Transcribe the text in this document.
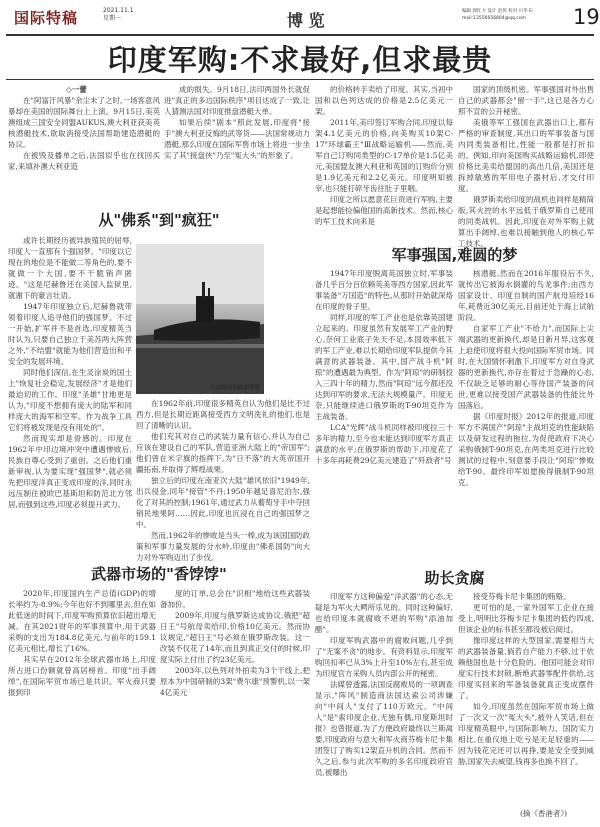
国际特稿	2021.11.1
星期一	博 览	编辑 郭红力 设计 赵伟 校对 川华 E-mail:13556656804@qq.com	19
印度军购:不求最好,但求最贵
◇一蕾

在"阿富汗风暴"余尘未了之时,一场客意风暴却在美国的国际舞台上上演。9月15日,美英澳组成三国安全同盟AUKUS,澳大利亚获美英核潜艇技术,欲取消接受法国帮助建造潜艇的协议。

在被毁及播单之后,法国似乎也在找回买家,来填补澳大利亚造

成的损失。9月18日,法印两国外长就促进"真正的多边国际秩序"项目达成了一致,让人猜测法国对印度推盘潜艇大单。

如果后续"剧本"照此发展,印度将"接手"澳大利亚反悔的武等货——法国常规动力潜艇,那么印度在国际军售市场上将进一步坐实了其"接盘侠"乃至"冤大头"的形象了。

从"佛系"到"疯狂"

或许长期经历被异族殖民的屈辱,印度人一直那有个强国梦。"印度以它现在的地位是不能做二等角色的,要不就做一个大国,要不干脆销声匿迹。"这是尼赫鲁还在美国入监狱里,就谢下的豪言壮语。

1947年印度独立后,尼赫鲁就带领着印度人追寻他们的强国梦。不过一开始,扩军并不是首选,印度精英当时认为,只要自己独立于美苏两大阵营之外,"不结盟"就能为他们营造出和平安全的发展环境。

同时他们深信,在生灵涂炭的国土上"恢复社会稳定,发展经济"才是他们最迫切的工作。印度"圣雄"甘地更是认为,"印度不想拥有庞大的陆军和同样庞大的海军和空军。作为战争工具它们将被发现是没有用处的"。

然而现实却是骨感的。印度在1962年中印边境冲突中遭遇惨败后,民族自尊心受到了重创。之后他们重新审视,认为要实现"强国梦",就必须先把印度洋真正变成印度的洋,同时永远压制住被欧巴基斯坦和防范北方邻居,而强到这些,印度必须提升武力。

印度购买的轴旗潜艇

在1962年前,印度很多精英自认为他们是比不过西方,但是长期近距离接受西方文明洗礼的他们,也是回了清晰的认识。

他们充其对自己的武装力量有信心,并认为自己应该在建设自己的军队,营造亚洲大陆上的"帝国军";他们曾在米字旗的指挥下,为"日不落"的大英帝国开疆拓南,并取得了辉煌战果。

独立后的印度在南亚次大陆"雄风依旧"1949年,出兵侵金,同年"接管"不丹;1950年越足喜尼泊尔,强化了对其的控制;1961年,通过武力从葡萄牙手中夺回销民地果阿……因此,印度也沉浸在自己的强国梦之中。

然而,1962年的惨败是当头一棒,成为该国国防政策和军事力量发展的分水岭,印度由"佛系国防"向大力对外军购迈出了步伐。

武器市场的"香饽饽"

2020年,印度国内生产总值(GDP)的增长率约为-8.9%;今年也好不到哪里去,但在如此低迷的时间下,印度军购预算依旧超出增无减。在其2021财年的军事预算中,用于武器采购的支出为184.8亿美元,与前年的159.1亿美元相比,增长了16%。

其实早在2012年全球武器市场上,印度所占进口份额就曾高居榜首。印度"出手阔绰",在国际军贸市场已是共识。军火商只要报到印

度的订单,总会在"识相"地给这些武器装备加价。

2009年,印度与俄罗斯达成协议,俄把"超日王"号航母卖给印,价格10亿美元。然而协议规定,"超日王"号必须在俄罗斯改装。这一改装不仅花了14年,而且到真正交付的时候,印度实际上付出了约23亿美元。

2003年,以色列对外拍卖为3个干线上,把原本为中国研制的3架"费尔康"预警机,以一架4亿美元

的价格转手卖给了印度。其实,当初中国和以色列达成的价格是2.5亿美元一架。

2011年,美印签订军购合同,印度以每架4.1亿美元的价格,向美购买10架C-17"环球霸王"Ⅲ战略运输机——然而,美军自己订购同类型的C-17单价是1.5亿美元,美国盟友澳大利亚和英国的订购价分别是1.9亿美元和2.2亿美元。印度明知被宰,也只能打碎牙齿往肚子里咽。

印度之所以愿意花巨资进行军购,主要是起想能捡偏他国的高新技术。然而,核心的军工技术向来是

国家的顶级机密。军事强国对外出售自己的武器都会"留一手",这已是各方心照不宣的公开秘密。

美俄等军工强国在武器出口上,都有严格的审查制度,其出口的军事装备与国内同类装备相比,性能一般都是打折扣的。例如,印向美国购买战略运输机,即使价格比美卖给盟国的高出几倍,美国还是拆掉敏感的军用电子器材后,才交付印度。

俄罗斯卖给印度的战机也同样是精简版,其火控的水平远低于俄罗斯自己使用的同类战机。因此,印度在对外军购上就算出手阔绰,也难以接触到他人的核心军工技术。

军事强国,难圆的梦

1947年印度脱离英国独立时,军事装备几乎百分百依赖英美等西方国家,因此军事装备"万国造"的特色,从那时开始就深烙在印度的骨子里。

同样,印度的军工产业也是依靠英国建立起来的。印度虽然有发展军工产业的野心,奈何工业底子先天不足,本国效率低下的军工产业,难以长期给印度军队提供今其满意的武器装备。其中,国产战斗机"阿琼"的遭遇最为典型。作为"阿琼"的研制投入三四十年的精力,然而"阿琼"远今都还没达到印军的要求,无法大规模量产。印度无奈,只能继续进口俄罗斯的T-90坦克作为主战装备。

LCA"光辉"战斗机同样被印度拉三十多年的精力,至今也未能达到印度军方真正满意的水平;在俄罗斯的帮助下,印度花了十多年再耗费29亿美元建造了"歼敌者"号

核潜艇,然而在2016年服役后不久,就传出它被海水倒灌的鸟龙事件;由西方国家设计、印度自制的国产航母培经16年,耗费近30亿美元,目前还处于海上试航阶段。

自家军工产业"不给力",而国际上尖端武器的更新换代,却是日新月异,这客观上迫使印度将很大投向国际军贸市场。同时,在大国情怀刺激下,印度军方对自身武器的更新换代,亦存在着过于急躁的心态,不仅缺乏足够的耐心等待国产装备的问世,更难以接受国产武器装备的性能比外国落后。

据《印度时报》2012年的报道,印度军方不满国产"阿琼"主战坦克的性能缺陷以及研发过程的拖拉,为促使政府下决心采购俄制T-90坦克,在两类坦克进行比较测试的过程中,刻意要手段让"阿琼"惨败给T-90。最终印军如愿换得俄制T-90坦克。

助长贪腐

印度军方这种偏爱"洋武器"的心态,无疑是为军火大鳄所乐见的。同时这种偏好,也给印度本就腐败不堪的军购"添油加醋"。

印度军购武器中的腐败问题,几乎到了"无案不贪"的地步。有资料显示,印度军购回扣率已从3%上升至10%左右,甚至成为印度官方采购人员内部公开的秘密。

法媒曾透露,法国反腐败局的一项调查显示,"阵风"制造商法国达索公司涉嫌向"中间人"支付了110万欧元。"中间人"是"索印度企业,无独有偶,印度斯坦时报》也曾报道,为了方便政府最终以兰斯离要,印度政府与意大利军火商芬梅卡尼卡集团签订了购买12架直升机的合同。然而不久之后,参与此次军购的多名印度政府官员,被曝出

接受芬梅卡尼卡集团的贿赂。

更可怕的是,一家外国军工企业在接受上,明明比芬梅卡尼卡集团的低约四成,但该企业的标书甚至都没被启阅过。

像印度这样的大型国家,需要相当大的武器装备量,倘若自产能力不够,过于依赖他国也是十分危险的。他国可能会对印度实行技术封锁,断绝武器零配件供给,这印度买回来的军备装备就真正变成摆件了。

如今,印度虽然在国际军贸市场上做了一次又一次"冤大头",被外人笑话,但在印度精英眼中,与国际影响力、国防实力相比,在重仪地上吃亏是无足轻重的——因为钱花完还可以再挣,要是安全受到威胁,国家失去威望,钱再多也换不回了。

(摘《香港者》)
